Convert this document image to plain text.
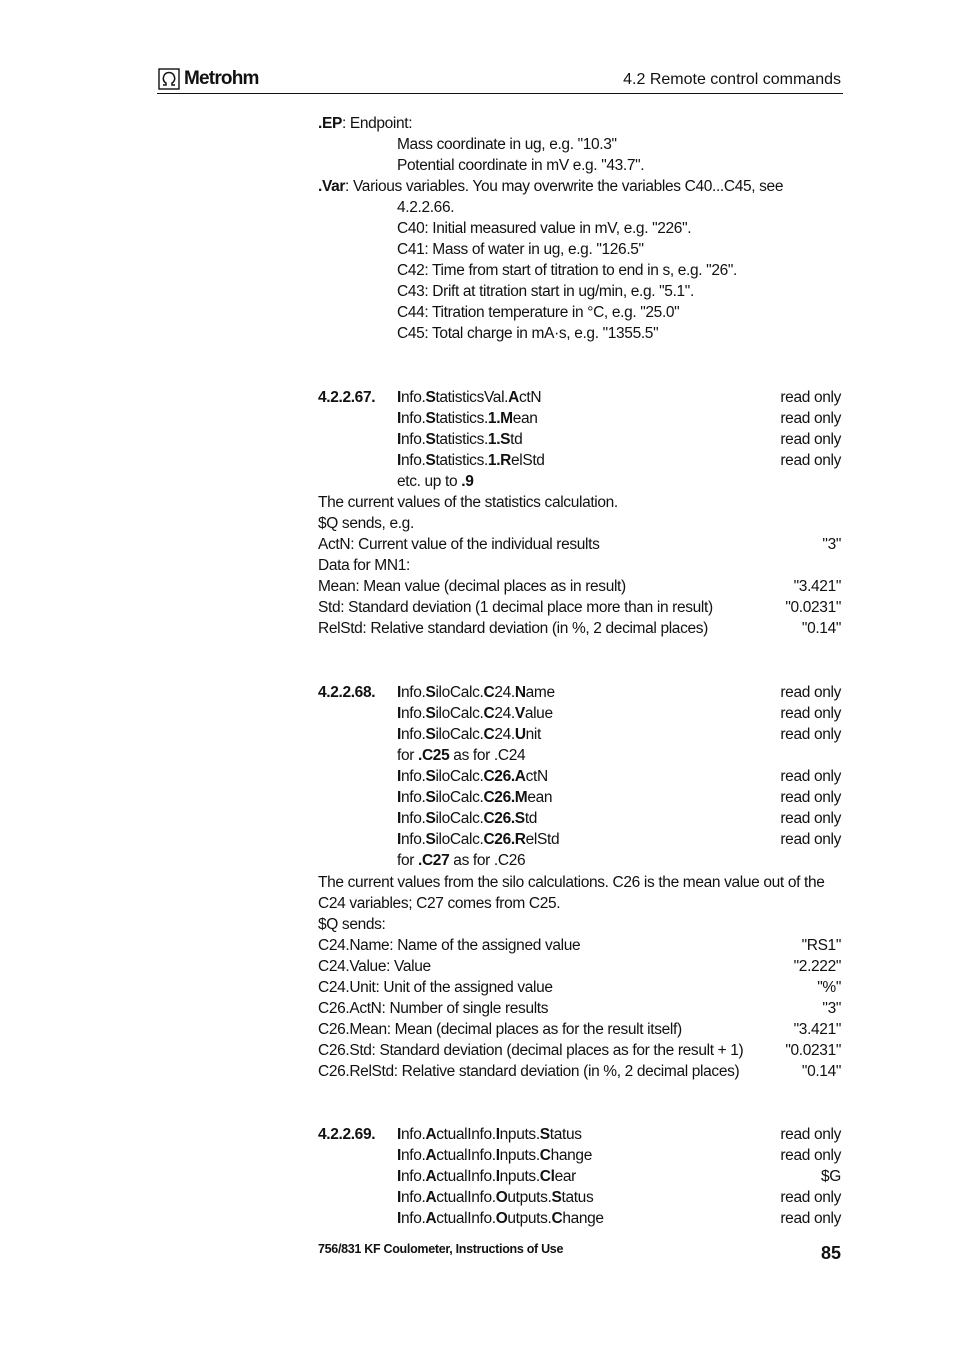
Metrohm	4.2 Remote control commands
.EP: Endpoint:
Mass coordinate in ug, e.g. "10.3"
Potential coordinate in mV e.g. "43.7".
.Var: Various variables. You may overwrite the variables C40...C45, see
4.2.2.66.
C40: Initial measured value in mV, e.g. "226".
C41: Mass of water in ug, e.g. "126.5"
C42: Time from start of titration to end in s, e.g. "26".
C43: Drift at titration start in ug/min, e.g. "5.1".
C44: Titration temperature in °C, e.g. "25.0"
C45: Total charge in mA·s, e.g. "1355.5"
4.2.2.67. Info.StatisticsVal.ActN	read only
Info.Statistics.1.Mean	read only
Info.Statistics.1.Std	read only
Info.Statistics.1.RelStd	read only
etc. up to .9
The current values of the statistics calculation.
$Q sends, e.g.
ActN: Current value of the individual results	"3"
Data for MN1:
Mean: Mean value (decimal places as in result)	"3.421"
Std: Standard deviation (1 decimal place more than in result)	"0.0231"
RelStd: Relative standard deviation (in %, 2 decimal places)	"0.14"
4.2.2.68. Info.SiloCalc.C24.Name	read only
Info.SiloCalc.C24.Value	read only
Info.SiloCalc.C24.Unit	read only
for .C25 as for .C24
Info.SiloCalc.C26.ActN	read only
Info.SiloCalc.C26.Mean	read only
Info.SiloCalc.C26.Std	read only
Info.SiloCalc.C26.RelStd	read only
for .C27 as for .C26
The current values from the silo calculations. C26 is the mean value out of the
C24 variables; C27 comes from C25.
$Q sends:
C24.Name: Name of the assigned value	"RS1"
C24.Value: Value	"2.222"
C24.Unit: Unit of the assigned value	"%"
C26.ActN: Number of single results	"3"
C26.Mean: Mean (decimal places as for the result itself)	"3.421"
C26.Std: Standard deviation (decimal places as for the result + 1)	"0.0231"
C26.RelStd: Relative standard deviation (in %, 2 decimal places)	"0.14"
4.2.2.69. Info.ActualInfo.Inputs.Status	read only
Info.ActualInfo.Inputs.Change	read only
Info.ActualInfo.Inputs.Clear	$G
Info.ActualInfo.Outputs.Status	read only
Info.ActualInfo.Outputs.Change	read only
756/831 KF Coulometer, Instructions of Use	85
